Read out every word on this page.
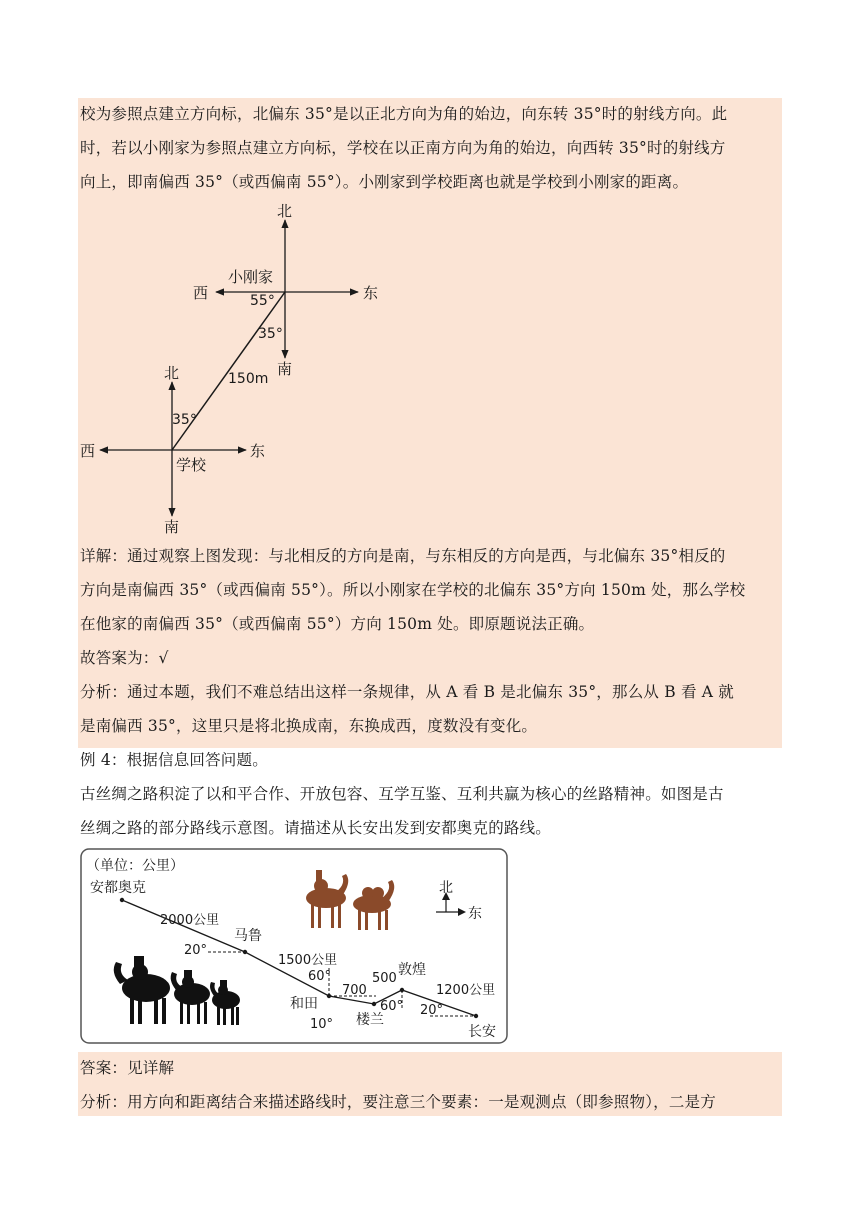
校为参照点建立方向标，北偏东 35°是以正北方向为角的始边，向东转 35°时的射线方向。此
时，若以小刚家为参照点建立方向标，学校在以正南方向为角的始边，向西转 35°时的射线方
向上，即南偏西 35°（或西偏南 55°）。小刚家到学校距离也就是学校到小刚家的距离。
北
南
东
西
小刚家
55°
35°
150m
北
南
东
西
学校
35°
详解：通过观察上图发现：与北相反的方向是南，与东相反的方向是西，与北偏东 35°相反的
方向是南偏西 35°（或西偏南 55°）。所以小刚家在学校的北偏东 35°方向 150m 处，那么学校
在他家的南偏西 35°（或西偏南 55°）方向 150m 处。即原题说法正确。
故答案为：√
分析：通过本题，我们不难总结出这样一条规律，从 A 看 B 是北偏东 35°，那么从 B 看 A 就
是南偏西 35°，这里只是将北换成南，东换成西，度数没有变化。
例 4：根据信息回答问题。
古丝绸之路积淀了以和平合作、开放包容、互学互鉴、互利共赢为核心的丝路精神。如图是古
丝绸之路的部分路线示意图。请描述从长安出发到安都奥克的路线。
（单位：公里）
北
东
安都奥克
马鲁
和田
楼兰
敦煌
长安
2000公里
1500公里
700
500
1200公里
20°
60°
10°
60° 20°
答案：见详解
分析：用方向和距离结合来描述路线时，要注意三个要素：一是观测点（即参照物），二是方
